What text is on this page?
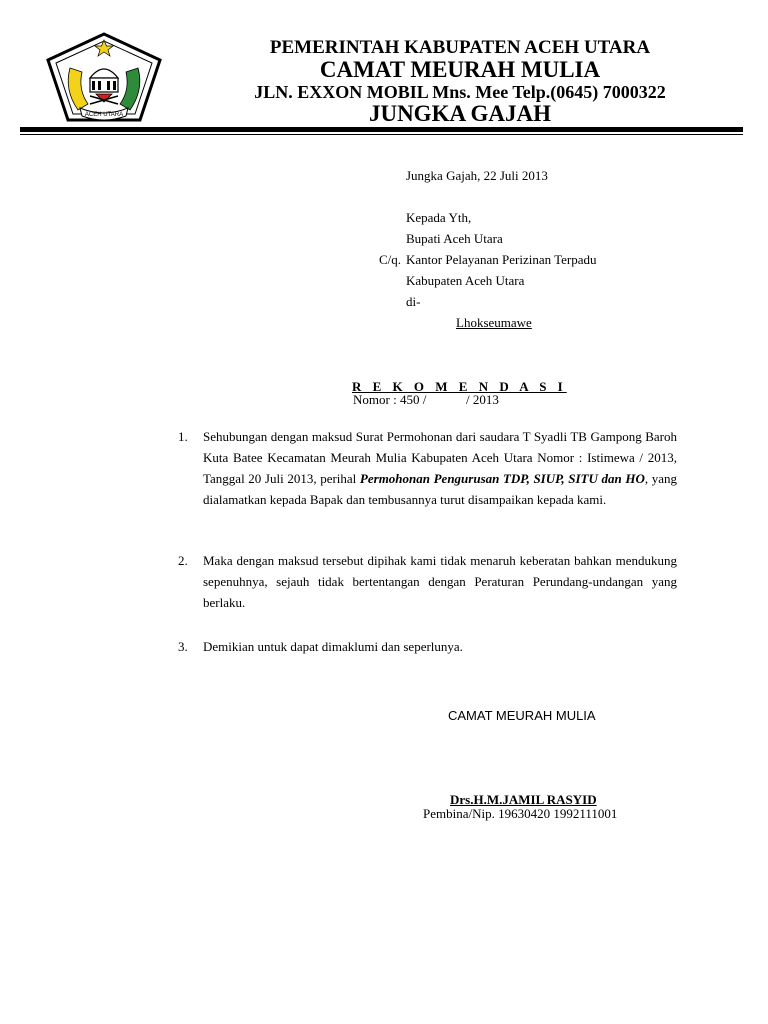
ACEH UTARA
PEMERINTAH KABUPATEN ACEH UTARA
CAMAT MEURAH MULIA
JLN. EXXON MOBIL Mns. Mee Telp.(0645) 7000322
JUNGKA GAJAH
Jungka Gajah, 22 Juli 2013
Kepada Yth,
Bupati Aceh Utara
C/q. Kantor Pelayanan Perizinan Terpadu
Kabupaten Aceh Utara
di-
Lhokseumawe
R E K O M E N D A S I
Nomor : 450 /	/ 2013
1. Sehubungan dengan maksud Surat Permohonan dari saudara T Syadli TB Gampong Baroh Kuta Batee Kecamatan Meurah Mulia Kabupaten Aceh Utara Nomor : Istimewa / 2013, Tanggal 20 Juli 2013, perihal Permohonan Pengurusan TDP, SIUP, SITU dan HO, yang dialamatkan kepada Bapak dan tembusannya turut disampaikan kepada kami.
2. Maka dengan maksud tersebut dipihak kami tidak menaruh keberatan bahkan mendukung sepenuhnya, sejauh tidak bertentangan dengan Peraturan Perundang-undangan yang berlaku.
3. Demikian untuk dapat dimaklumi dan seperlunya.
CAMAT MEURAH MULIA
Drs.H.M.JAMIL RASYID
Pembina/Nip. 19630420 1992111001
